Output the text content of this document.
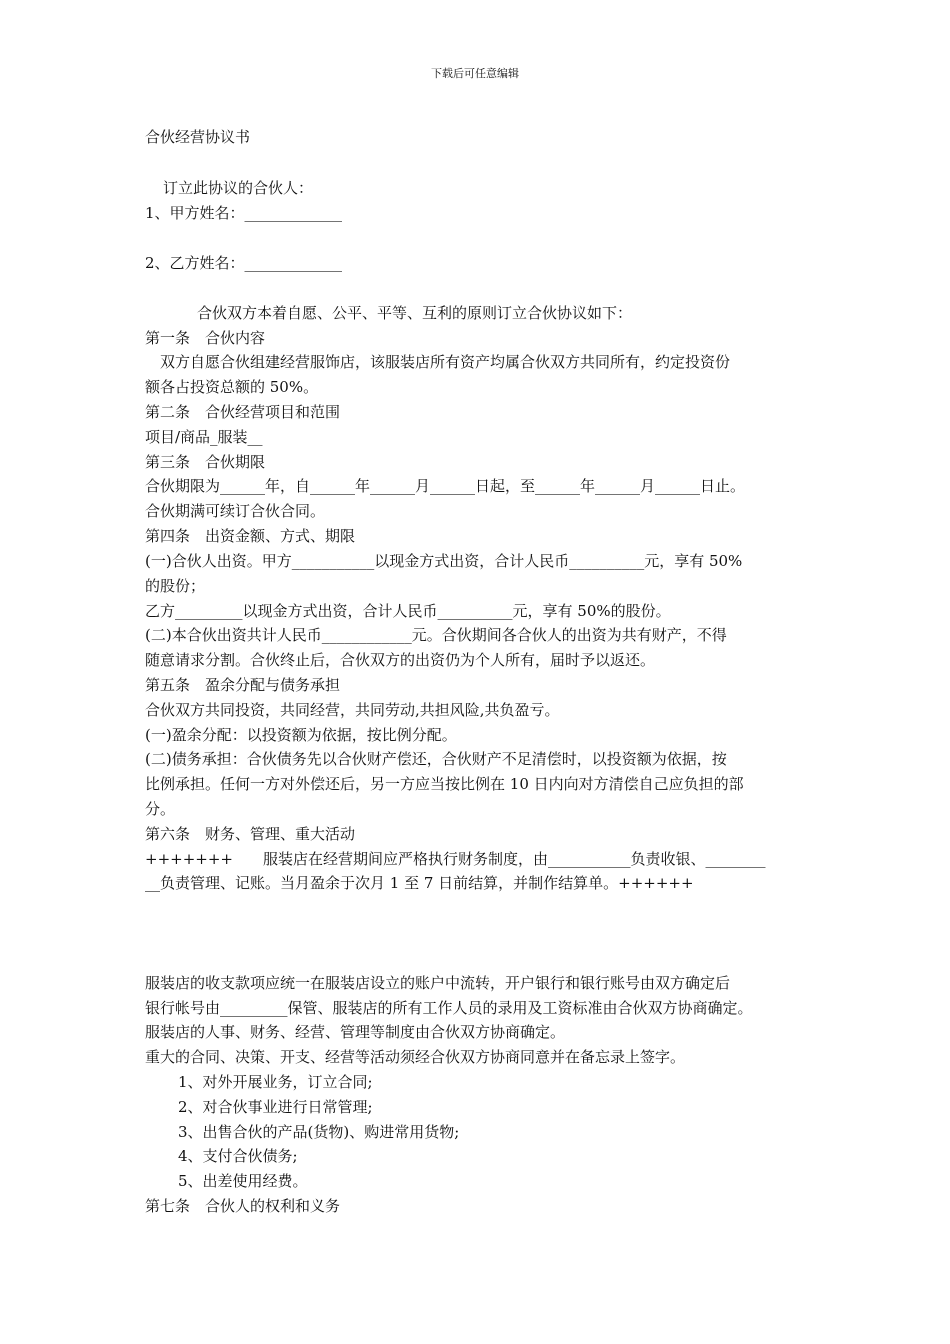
下载后可任意编辑
合伙经营协议书
订立此协议的合伙人：
1、甲方姓名：_____________
2、乙方姓名：_____________
合伙双方本着自愿、公平、平等、互利的原则订立合伙协议如下：
第一条　合伙内容
　双方自愿合伙组建经营服饰店，该服装店所有资产均属合伙双方共同所有，约定投资份
额各占投资总额的 50%。
第二条　合伙经营项目和范围
项目/商品_服装__
第三条　合伙期限
合伙期限为______年，自______年______月______日起，至______年______月______日止。
合伙期满可续订合伙合同。
第四条　出资金额、方式、期限
(一)合伙人出资。甲方___________以现金方式出资，合计人民币__________元，享有 50%
的股份；
乙方_________以现金方式出资，合计人民币__________元，享有 50%的股份。
(二)本合伙出资共计人民币____________元。合伙期间各合伙人的出资为共有财产，不得
随意请求分割。合伙终止后，合伙双方的出资仍为个人所有，届时予以返还。
第五条　盈余分配与债务承担
合伙双方共同投资，共同经营，共同劳动,共担风险,共负盈亏。
(一)盈余分配：以投资额为依据，按比例分配。
(二)债务承担：合伙债务先以合伙财产偿还，合伙财产不足清偿时，以投资额为依据，按
比例承担。任何一方对外偿还后，另一方应当按比例在 10 日内向对方清偿自己应负担的部
分。
第六条　财务、管理、重大活动
+++++++　　服装店在经营期间应严格执行财务制度，由___________负责收银、________
__负责管理、记账。当月盈余于次月 1 至 7 日前结算，并制作结算单。++++++
服装店的收支款项应统一在服装店设立的账户中流转，开户银行和银行账号由双方确定后
银行帐号由_________保管、服装店的所有工作人员的录用及工资标准由合伙双方协商确定。
服装店的人事、财务、经营、管理等制度由合伙双方协商确定。
重大的合同、决策、开支、经营等活动须经合伙双方协商同意并在备忘录上签字。
1、对外开展业务，订立合同;
2、对合伙事业进行日常管理;
3、出售合伙的产品(货物)、购进常用货物;
4、支付合伙债务;
5、出差使用经费。
第七条　合伙人的权利和义务
